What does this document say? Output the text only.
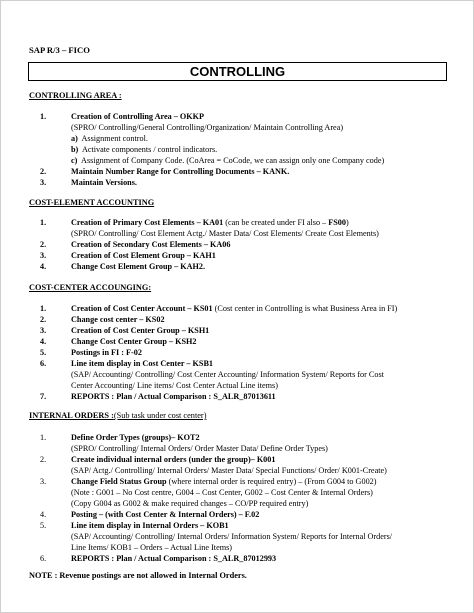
SAP R/3 – FICO
CONTROLLING
CONTROLLING AREA :
1.	Creation of Controlling Area – OKKP
(SPRO/ Controlling/General Controlling/Organization/ Maintain Controlling Area)
a) Assignment control.
b) Activate components / control indicators.
c) Assignment of Company Code. (CoArea = CoCode, we can assign only one Company code)
2.	Maintain Number Range for Controlling Documents – KANK.
3.	Maintain Versions.
COST-ELEMENT ACCOUNTING
1.	Creation of Primary Cost Elements – KA01 (can be created under FI also – FS00)
(SPRO/ Controlling/ Cost Element Actg./ Master Data/ Cost Elements/ Create Cost Elements)
2.	Creation of Secondary Cost Elements – KA06
3.	Creation of Cost Element Group – KAH1
4.	Change Cost Element Group – KAH2.
COST-CENTER ACCOUNGING:
1.	Creation of Cost Center Account – KS01 (Cost center in Controlling is what Business Area in FI)
2.	Change cost center – KS02
3.	Creation of Cost Center Group – KSH1
4.	Change Cost Center Group – KSH2
5.	Postings in FI : F-02
6.	Line item display in Cost Center – KSB1
(SAP/ Accounting/ Controlling/ Cost Center Accounting/ Information System/ Reports for Cost
Center Accounting/ Line items/ Cost Center Actual Line items)
7.	REPORTS : Plan / Actual Comparison : S_ALR_87013611
INTERNAL ORDERS :(Sub task under cost center)
1.	Define Order Types (groups)– KOT2
(SPRO/ Controlling/ Internal Orders/ Order Master Data/ Define Order Types)
2.	Create individual internal orders (under the group)– K001
(SAP/ Actg./ Controlling/ Internal Orders/ Master Data/ Special Functions/ Order/ K001-Create)
3.	Change Field Status Group (where internal order is required entry) – (From G004 to G002)
(Note : G001 – No Cost centre, G004 – Cost Center, G002 – Cost Center & Internal Orders)
(Copy G004 as G002 & make required changes – CO/PP required entry)
4.	Posting – (with Cost Center & Internal Orders) – F.02
5.	Line item display in Internal Orders – KOB1
(SAP/ Accounting/ Controlling/ Internal Orders/ Information System/ Reports for Internal Orders/
Line Items/ KOB1 – Orders – Actual Line Items)
6.	REPORTS : Plan / Actual Comparison : S_ALR_87012993
NOTE : Revenue postings are not allowed in Internal Orders.
